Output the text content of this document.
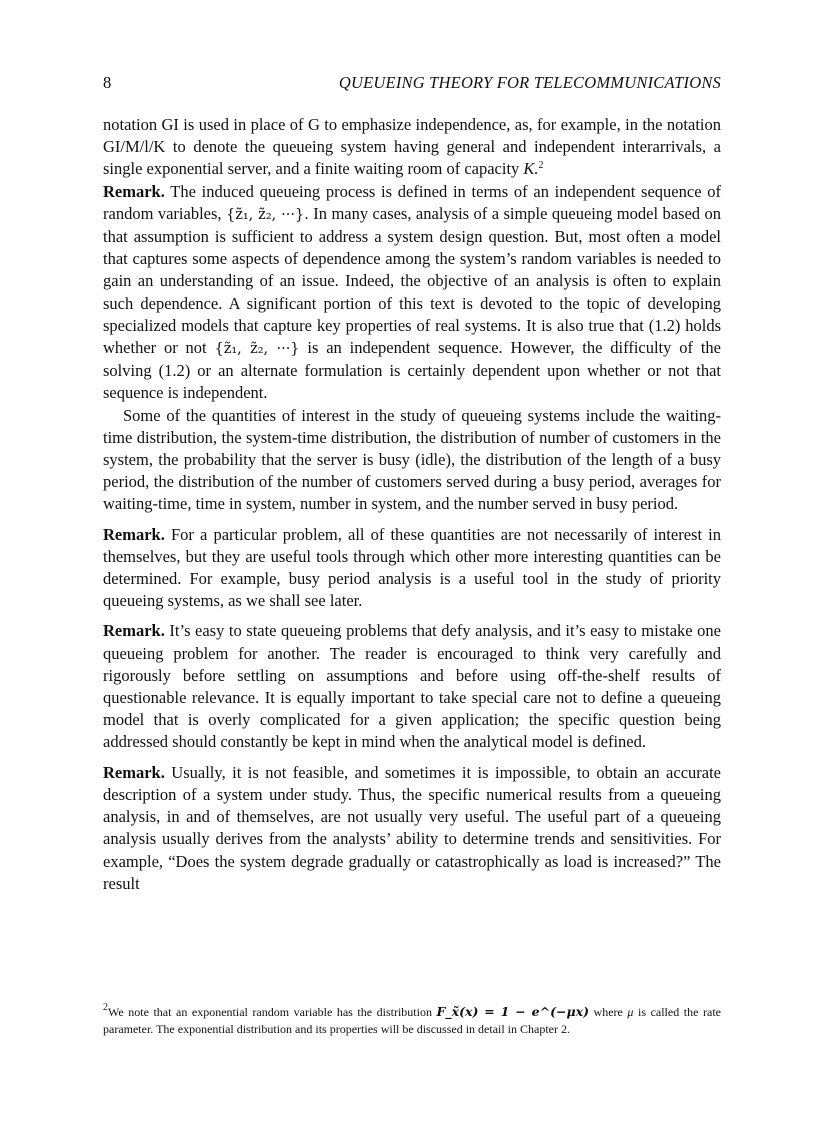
8	QUEUEING THEORY FOR TELECOMMUNICATIONS

notation GI is used in place of G to emphasize independence, as, for example, in the notation GI/M/l/K to denote the queueing system having general and independent interarrivals, a single exponential server, and a finite waiting room of capacity K.$^2$

Remark. The induced queueing process is defined in terms of an independent sequence of random variables, {z̃₁, z̃₂, ···}. In many cases, analysis of a simple queueing model based on that assumption is sufficient to address a system design question. But, most often a model that captures some aspects of dependence among the system’s random variables is needed to gain an understanding of an issue. Indeed, the objective of an analysis is often to explain such dependence. A significant portion of this text is devoted to the topic of developing specialized models that capture key properties of real systems. It is also true that (1.2) holds whether or not {z̃₁, z̃₂, ···} is an independent sequence. However, the difficulty of the solving (1.2) or an alternate formulation is certainly dependent upon whether or not that sequence is independent.

Some of the quantities of interest in the study of queueing systems include the waiting-time distribution, the system-time distribution, the distribution of number of customers in the system, the probability that the server is busy (idle), the distribution of the length of a busy period, the distribution of the number of customers served during a busy period, averages for waiting-time, time in system, number in system, and the number served in busy period.

Remark. For a particular problem, all of these quantities are not necessarily of interest in themselves, but they are useful tools through which other more interesting quantities can be determined. For example, busy period analysis is a useful tool in the study of priority queueing systems, as we shall see later.

Remark. It’s easy to state queueing problems that defy analysis, and it’s easy to mistake one queueing problem for another. The reader is encouraged to think very carefully and rigorously before settling on assumptions and before using off-the-shelf results of questionable relevance. It is equally important to take special care not to define a queueing model that is overly complicated for a given application; the specific question being addressed should constantly be kept in mind when the analytical model is defined.

Remark. Usually, it is not feasible, and sometimes it is impossible, to obtain an accurate description of a system under study. Thus, the specific numerical results from a queueing analysis, in and of themselves, are not usually very useful. The useful part of a queueing analysis usually derives from the analysts’ ability to determine trends and sensitivities. For example, “Does the system degrade gradually or catastrophically as load is increased?” The result

$^2$We note that an exponential random variable has the distribution F_x̃(x) = 1 − e^(−μx) where μ is called the rate parameter. The exponential distribution and its properties will be discussed in detail in Chapter 2.
